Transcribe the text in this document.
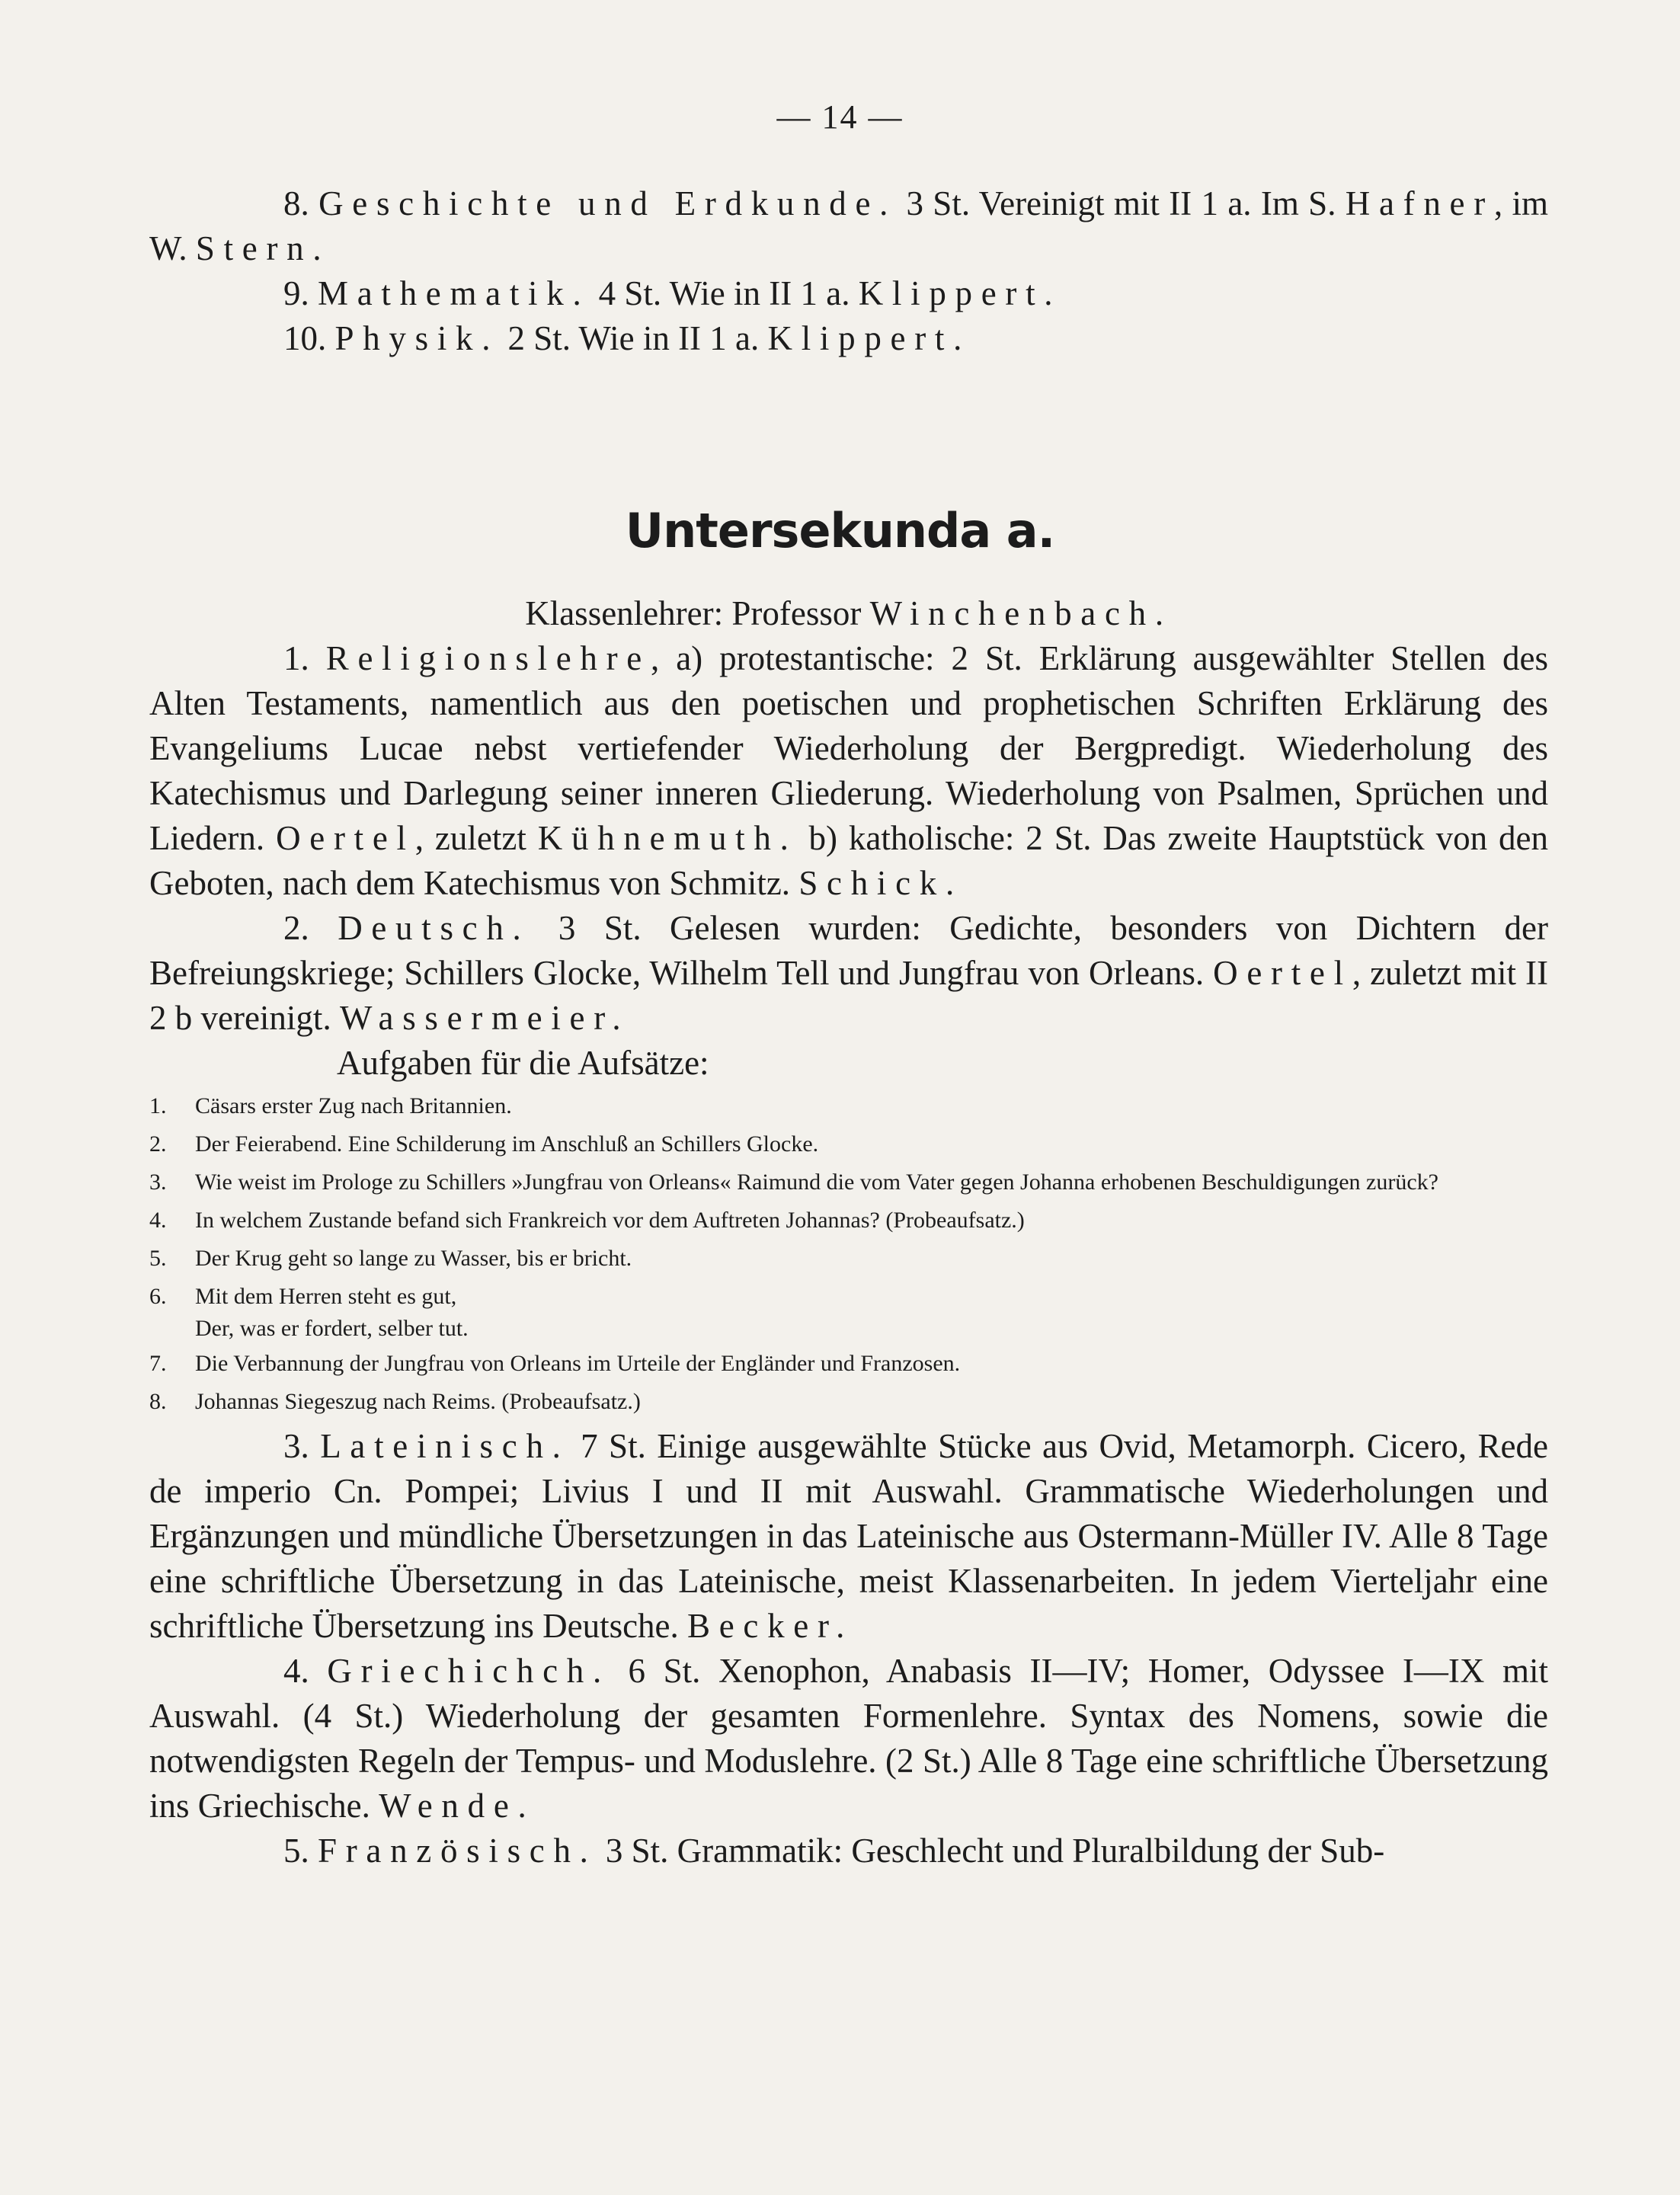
— 14 —

8. Geschichte und Erdkunde. 3 St. Vereinigt mit II 1 a. Im S. Hafner, im W. Stern.

9. Mathematik. 4 St. Wie in II 1 a. Klippert.

10. Physik. 2 St. Wie in II 1 a. Klippert.

Untersekunda a.

Klassenlehrer: Professor Winchenbach.

1. Religionslehre, a) protestantische: 2 St. Erklärung ausgewählter Stellen des Alten Testaments, namentlich aus den poetischen und prophetischen Schriften Erklärung des Evangeliums Lucae nebst vertiefender Wiederholung der Bergpredigt. Wiederholung des Katechismus und Darlegung seiner inneren Gliederung. Wiederholung von Psalmen, Sprüchen und Liedern. Oertel, zuletzt Kühnemuth. b) katholische: 2 St. Das zweite Hauptstück von den Geboten, nach dem Katechismus von Schmitz. Schick.

2. Deutsch. 3 St. Gelesen wurden: Gedichte, besonders von Dichtern der Befreiungskriege; Schillers Glocke, Wilhelm Tell und Jungfrau von Orleans. Oertel, zuletzt mit II 2 b vereinigt. Wassermeier.

Aufgaben für die Aufsätze:

1.	Cäsars erster Zug nach Britannien.
2.	Der Feierabend. Eine Schilderung im Anschluß an Schillers Glocke.
3.	Wie weist im Prologe zu Schillers »Jungfrau von Orleans« Raimund die vom Vater gegen Johanna erhobenen Beschuldigungen zurück?
4.	In welchem Zustande befand sich Frankreich vor dem Auftreten Johannas? (Probeaufsatz.)
5.	Der Krug geht so lange zu Wasser, bis er bricht.
6.	Mit dem Herren steht es gut,
Der, was er fordert, selber tut.
7.	Die Verbannung der Jungfrau von Orleans im Urteile der Engländer und Franzosen.
8.	Johannas Siegeszug nach Reims. (Probeaufsatz.)

3. Lateinisch. 7 St. Einige ausgewählte Stücke aus Ovid, Metamorph. Cicero, Rede de imperio Cn. Pompei; Livius I und II mit Auswahl. Grammatische Wiederholungen und Ergänzungen und mündliche Übersetzungen in das Lateinische aus Ostermann-Müller IV. Alle 8 Tage eine schriftliche Übersetzung in das Lateinische, meist Klassenarbeiten. In jedem Vierteljahr eine schriftliche Übersetzung ins Deutsche. Becker.

4. Griechichch. 6 St. Xenophon, Anabasis II—IV; Homer, Odyssee I—IX mit Auswahl. (4 St.) Wiederholung der gesamten Formenlehre. Syntax des Nomens, sowie die notwendigsten Regeln der Tempus- und Moduslehre. (2 St.) Alle 8 Tage eine schriftliche Übersetzung ins Griechische. Wende.

5. Französisch. 3 St. Grammatik: Geschlecht und Pluralbildung der Sub-
